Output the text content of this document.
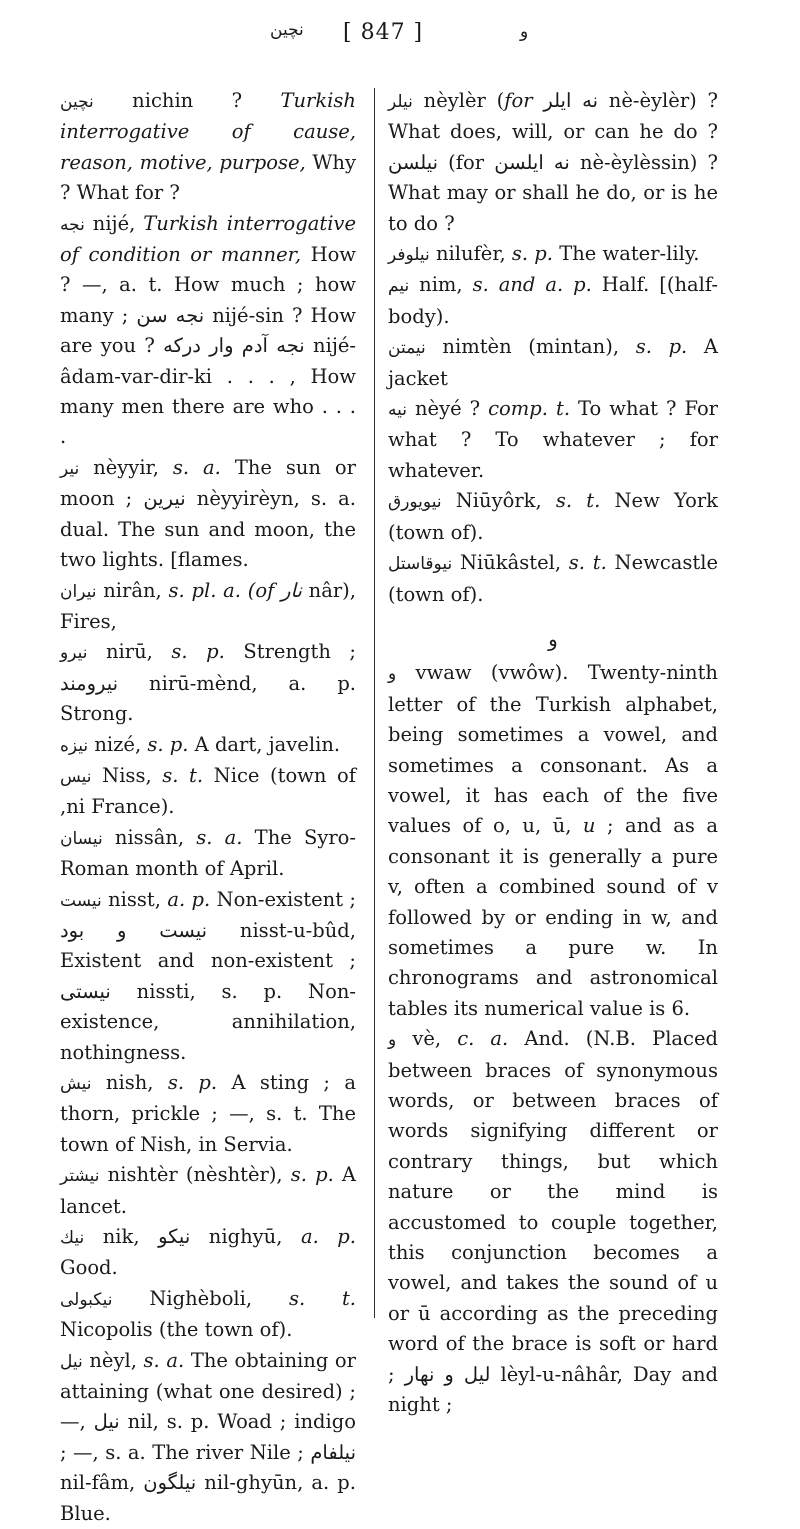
نچين [ 847 ]	و
نچين nichin ? Turkish interrogative of cause, reason, motive, purpose, Why ? What for ?
نجه nijé, Turkish interrogative of condition or manner, How ? —, a. t. How much ; how many ; نجه سن nijé-sin ? How are you ? نجه آدم وار درکه nijé-âdam-var-dir-ki . . . , How many men there are who . . . .
نير nèyyir, s. a. The sun or moon ; نيرين nèyyirèyn, s. a. dual. The sun and moon, the two lights. [flames.
نيران nirân, s. pl. a. (of نار nâr), Fires,
نيرو nirū, s. p. Strength ; نيرومند nirū-mènd, a. p. Strong.
نيزه nizé, s. p. A dart, javelin.
نيس Niss, s. t. Nice (town of ,ni France).
نيسان nissân, s. a. The Syro-Roman month of April.
نيست nisst, a. p. Non-existent ; نيست و بود nisst-u-bûd, Existent and non-existent ; نيستى nissti, s. p. Non-existence, annihilation, nothingness.
نيش nish, s. p. A sting ; a thorn, prickle ; —, s. t. The town of Nish, in Servia.
نيشتر nishtèr (nèshtèr), s. p. A lancet.
نيك nik, نيكو nighyū, a. p. Good.
نيكبولى Nighèboli, s. t. Nicopolis (the town of).
نيل nèyl, s. a. The obtaining or attaining (what one desired) ; —, نيل nil, s. p. Woad ; indigo ; —, s. a. The river Nile ; نيلفام nil-fâm, نيلگون nil-ghyūn, a. p. Blue.
نيلر nèylèr (for نه ايلر nè-èylèr) ? What does, will, or can he do ? نيلسن (for نه ايلسن nè-èylèssin) ? What may or shall he do, or is he to do ?
نيلوفر nilufèr, s. p. The water-lily.
نيم nim, s. and a. p. Half. [(half-body).
نيمتن nimtèn (mintan), s. p. A jacket
نيه nèyé ? comp. t. To what ? For what ? To whatever ; for whatever.
نيويورق Niūyôrk, s. t. New York (town of).
نيوقاستل Niūkâstel, s. t. Newcastle (town of).
و
و vwaw (vwôw). Twenty-ninth letter of the Turkish alphabet, being sometimes a vowel, and sometimes a consonant. As a vowel, it has each of the five values of o, u, ū, u ; and as a consonant it is generally a pure v, often a combined sound of v followed by or ending in w, and sometimes a pure w. In chronograms and astronomical tables its numerical value is 6.
و vè, c. a. And. (N.B. Placed between braces of synonymous words, or between braces of words signifying different or contrary things, but which nature or the mind is accustomed to couple together, this conjunction becomes a vowel, and takes the sound of u or ū according as the preceding word of the brace is soft or hard ; ليل و نهار lèyl-u-nâhâr, Day and night ;
